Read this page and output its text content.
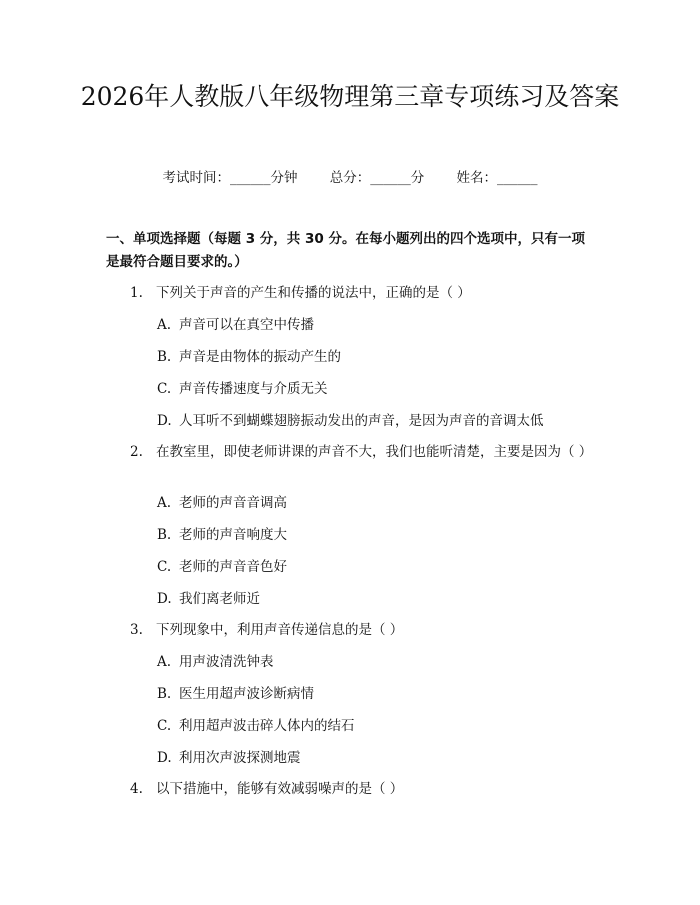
2026年人教版八年级物理第三章专项练习及答案
考试时间：______分钟 总分：______分 姓名：______
一、单项选择题（每题 3 分，共 30 分。在每小题列出的四个选项中，只有一项是最符合题目要求的。）
1. 下列关于声音的产生和传播的说法中，正确的是（ ）
A. 声音可以在真空中传播
B. 声音是由物体的振动产生的
C. 声音传播速度与介质无关
D. 人耳听不到蝴蝶翅膀振动发出的声音，是因为声音的音调太低
2. 在教室里，即使老师讲课的声音不大，我们也能听清楚，主要是因为（ ）
A. 老师的声音音调高
B. 老师的声音响度大
C. 老师的声音音色好
D. 我们离老师近
3. 下列现象中，利用声音传递信息的是（ ）
A. 用声波清洗钟表
B. 医生用超声波诊断病情
C. 利用超声波击碎人体内的结石
D. 利用次声波探测地震
4. 以下措施中，能够有效减弱噪声的是（ ）
